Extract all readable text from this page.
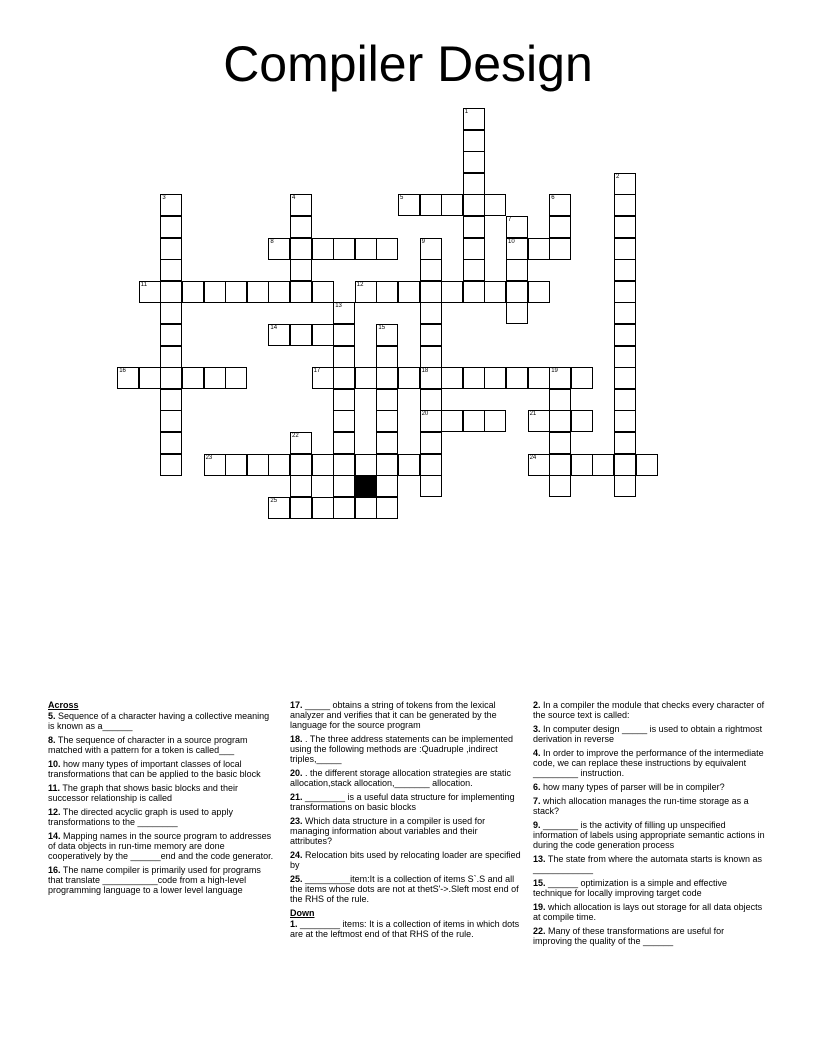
Compiler Design
1
2
3	4	5	6
7
8	9	10
11	12
13
14	15
16	17	18	19
20	21
22
23	24
25
Across
5. Sequence of a character having a collective meaning is known as a______
8. The sequence of character in a source program matched with a pattern for a token is called___
10. how many types of important classes of local transformations that can be applied to the basic block
11. The graph that shows basic blocks and their successor relationship is called
12. The directed acyclic graph is used to apply transformations to the ________
14. Mapping names in the source program to addresses of data objects in run-time memory are done cooperatively by the ______end and the code generator.
16. The name compiler is primarily used for programs that translate ___________code from a high-level programming language to a lower level language
17. _____ obtains a string of tokens from the lexical analyzer and verifies that it can be generated by the language for the source program
18. . The three address statements can be implemented using the following methods are :Quadruple ,indirect triples,_____
20. . the different storage allocation strategies are static allocation,stack allocation,_______ allocation.
21. ________ is a useful data structure for implementing transformations on basic blocks
23. Which data structure in a compiler is used for managing information about variables and their attributes?
24. Relocation bits used by relocating loader are specified by
25. _________item:It is a collection of items S`.S and all the items whose dots are not at thetS'->.Sleft most end of the RHS of the rule.
Down
1. ________ items: It is a collection of items in which dots are at the leftmost end of that RHS of the rule.
2. In a compiler the module that checks every character of the source text is called:
3. In computer design _____ is used to obtain a rightmost derivation in reverse
4. In order to improve the performance of the intermediate code, we can replace these instructions by equivalent _________ instruction.
6. how many types of parser will be in compiler?
7. which allocation manages the run-time storage as a stack?
9. _______ is the activity of filling up unspecified information of labels using appropriate semantic actions in during the code generation process
13. The state from where the automata starts is known as ____________
15. ______ optimization is a simple and effective technique for locally improving target code
19. which allocation is lays out storage for all data objects at compile time.
22. Many of these transformations are useful for improving the quality of the ______
